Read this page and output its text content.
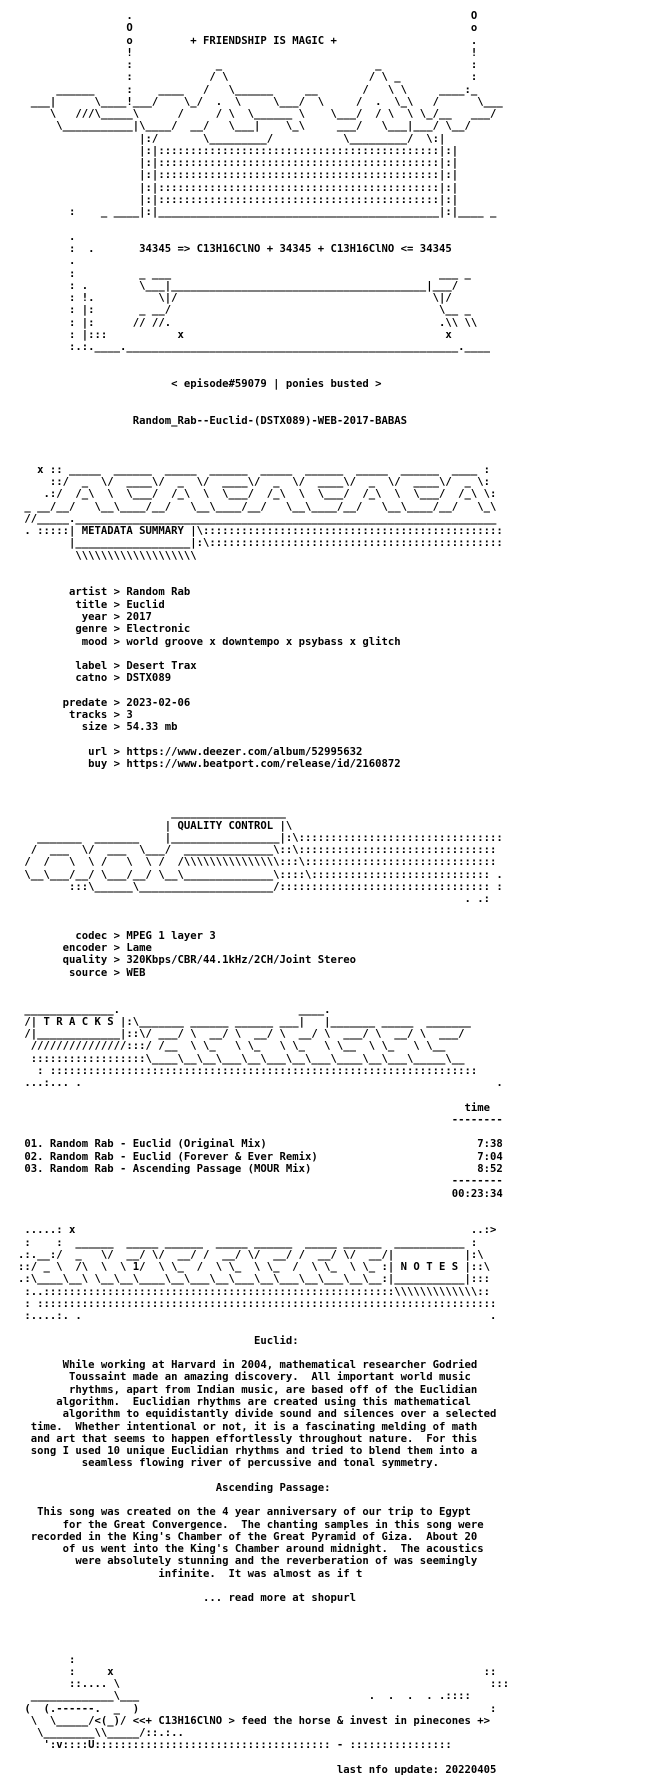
.                                                     O
O                                                     o
o         + FRIENDSHIP IS MAGIC +                     .
!                                                     !
:             _                        _              :
:            / \                      / \ _           :
______     :    ____   /   \______     __       /   \ \     ____:_
___|      \____!___/    \_/  .  \     \___/  \     /  .  \_\   /      \___
\   ///\_____\      /     / \  \______ \    \___/  / \  \ \_/__   ___/
\___________|\____/  __/   \___|    \_\     ___/   \___|___/ \__/
|:/       \_________/           \_________/  \:|
|:|::::::::::::::::::::::::::::::::::::::::::::|:|
|:|::::::::::::::::::::::::::::::::::::::::::::|:|
|:|::::::::::::::::::::::::::::::::::::::::::::|:|
|:|::::::::::::::::::::::::::::::::::::::::::::|:|
|:|::::::::::::::::::::::::::::::::::::::::::::|:|
:    _ ____|:|____________________________________________|:|____ _

.
:  .       34345 => C13H16ClNO + 34345 + C13H16ClNO <= 34345
.
:          _ ___                                          ___ _
: .        \___|________________________________________|___/
: !.          \|/                                        \|/
: |:       _ __/                                          \__ _
: |:      // //.                                          .\\ \\
: |:::           x                                         x
:.:.____.____________________________________________________.____

< episode#59079 | ponies busted >

Random_Rab--Euclid-(DSTX089)-WEB-2017-BABAS

x :: _____  ______  _____  ______  _____  ______  _____  ______  ____ :
::/  _  \/  ____\/  _  \/  ____\/  _  \/  ____\/  _  \/  ____\/  _ \:
.:/  /_\  \  \___/  /_\  \  \___/  /_\  \  \___/  /_\  \  \___/  /_\ \:
_ __/__/   \__\____/__/   \__\____/__/   \__\____/__/   \__\____/__/   \_\
//_____.__________________________________________________________________
. :::::| METADATA SUMMARY |\:::::::::::::::::::::::::::::::::::::::::::::::
|__________________|:\::::::::::::::::::::::::::::::::::::::::::::::
\\\\\\\\\\\\\\\\\\\

artist > Random Rab
title > Euclid
year > 2017
genre > Electronic
mood > world groove x downtempo x psybass x glitch

label > Desert Trax
catno > DSTX089

predate > 2023-02-06
tracks > 3
size > 54.33 mb

url > https://www.deezer.com/album/52995632
buy > https://www.beatport.com/release/id/2160872

__________________
| QUALITY CONTROL |\
_______  _______    |_________________|:\::::::::::::::::::::::::::::::::
/  ___  \/  ___  \___/  ______________\::\:::::::::::::::::::::::::::::::
/  /   \  \ /   \  \ /  /\\\\\\\\\\\\\\\:::\::::::::::::::::::::::::::::::
\__\___/__/ \___/__/ \__\______________\::::\:::::::::::::::::::::::::::: .
:::\______\_____________________/::::::::::::::::::::::::::::::::: :
. .:

codec > MPEG 1 layer 3
encoder > Lame
quality > 320Kbps/CBR/44.1kHz/2CH/Joint Stereo
source > WEB

______________.                            ____.
/| T R A C K S |:\_______ ______ ______ ___|   |_______ _____  _______
/|_____________|::\/ ___/ \  __/ \  __/ \  __/ \  ___/ \  __/ \  ___/
///////////////:::/ /__  \ \_   \ \_   \ \_   \ \__  \ \_   \ \__
::::::::::::::::::\____\__\__\___\__\___\__\___\____\__\___\_____\__
: :::::::::::::::::::::::::::::::::::::::::::::::::::::::::::::::::::
...:... .                                                                 .

time
--------

01. Random Rab - Euclid (Original Mix)                                 7:38
02. Random Rab - Euclid (Forever & Ever Remix)                         7:04
03. Random Rab - Ascending Passage (MOUR Mix)                          8:52
--------
00:23:34

.....: x                                                              ..:>
:    :  ______  _____ ______  _____ ______  _____ ______  ___________ :
.:.__:/  _   \/  __/ \/  __/ /  __/ \/  __/ /  __/ \/  __/|           |:\
::/ _ \  /\  \  \ 1/  \ \_  /  \ \_  \ \_  /  \ \_  \ \_ :| N O T E S |::\
.:\____\__\ \__\__\____\__\___\__\___\__\___\__\___\__\__:|___________|:::
:..:::::::::::::::::::::::::::::::::::::::::::::::::::::::\\\\\\\\\\\\\::
: ::::::::::::::::::::::::::::::::::::::::::::::::::::::::::::::::::::::::
:....:. .                                                                .

Euclid:

While working at Harvard in 2004, mathematical researcher Godried
Toussaint made an amazing discovery.  All important world music
rhythms, apart from Indian music, are based off of the Euclidian
algorithm.  Euclidian rhythms are created using this mathematical
algorithm to equidistantly divide sound and silences over a selected
time.  Whether intentional or not, it is a fascinating melding of math
and art that seems to happen effortlessly throughout nature.  For this
song I used 10 unique Euclidian rhythms and tried to blend them into a
seamless flowing river of percussive and tonal symmetry.

Ascending Passage:

This song was created on the 4 year anniversary of our trip to Egypt
for the Great Convergence.  The chanting samples in this song were
recorded in the King's Chamber of the Great Pyramid of Giza.  About 20
of us went into the King's Chamber around midnight.  The acoustics
were absolutely stunning and the reverberation of was seemingly
infinite.  It was almost as if t

... read more at shopurl

:
:     x                                                          ::
::.... \                                                          :::
_____________\___                                    .  .  .  . .::::
(  (.------.  _  )                                                       :
\  \_____/<(_)/ <<+ C13H16ClNO > feed the horse & invest in pinecones +>
\________\\_____/::.:..
':v::::U::::::::::::::::::::::::::::::::::::: - ::::::::::::::::

last nfo update: 20220405
